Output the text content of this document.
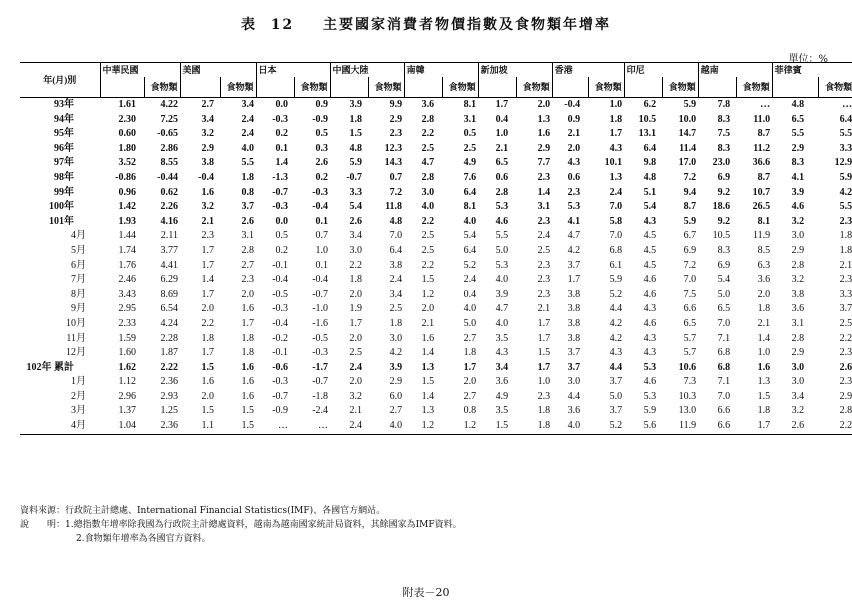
表 12 主要國家消費者物價指數及食物類年增率
單位：%
年(月)別	中華民國		美國		日本		中國大陸		南韓		新加坡		香港		印尼		越南		菲律賓	
		食物類		食物類		食物類		食物類		食物類		食物類		食物類		食物類		食物類		食物類
93年	1.61	4.22	2.7	3.4	0.0	0.9	3.9	9.9	3.6	8.1	1.7	2.0	-0.4	1.0	6.2	5.9	7.8	…	4.8	…
94年	2.30	7.25	3.4	2.4	-0.3	-0.9	1.8	2.9	2.8	3.1	0.4	1.3	0.9	1.8	10.5	10.0	8.3	11.0	6.5	6.4
95年	0.60	-0.65	3.2	2.4	0.2	0.5	1.5	2.3	2.2	0.5	1.0	1.6	2.1	1.7	13.1	14.7	7.5	8.7	5.5	5.5
96年	1.80	2.86	2.9	4.0	0.1	0.3	4.8	12.3	2.5	2.5	2.1	2.9	2.0	4.3	6.4	11.4	8.3	11.2	2.9	3.3
97年	3.52	8.55	3.8	5.5	1.4	2.6	5.9	14.3	4.7	4.9	6.5	7.7	4.3	10.1	9.8	17.0	23.0	36.6	8.3	12.9
98年	-0.86	-0.44	-0.4	1.8	-1.3	0.2	-0.7	0.7	2.8	7.6	0.6	2.3	0.6	1.3	4.8	7.2	6.9	8.7	4.1	5.9
99年	0.96	0.62	1.6	0.8	-0.7	-0.3	3.3	7.2	3.0	6.4	2.8	1.4	2.3	2.4	5.1	9.4	9.2	10.7	3.9	4.2
100年	1.42	2.26	3.2	3.7	-0.3	-0.4	5.4	11.8	4.0	8.1	5.3	3.1	5.3	7.0	5.4	8.7	18.6	26.5	4.6	5.5
101年	1.93	4.16	2.1	2.6	0.0	0.1	2.6	4.8	2.2	4.0	4.6	2.3	4.1	5.8	4.3	5.9	9.2	8.1	3.2	2.3
4月	1.44	2.11	2.3	3.1	0.5	0.7	3.4	7.0	2.5	5.4	5.5	2.4	4.7	7.0	4.5	6.7	10.5	11.9	3.0	1.8
5月	1.74	3.77	1.7	2.8	0.2	1.0	3.0	6.4	2.5	6.4	5.0	2.5	4.2	6.8	4.5	6.9	8.3	8.5	2.9	1.8
6月	1.76	4.41	1.7	2.7	-0.1	0.1	2.2	3.8	2.2	5.2	5.3	2.3	3.7	6.1	4.5	7.2	6.9	6.3	2.8	2.1
7月	2.46	6.29	1.4	2.3	-0.4	-0.4	1.8	2.4	1.5	2.4	4.0	2.3	1.7	5.9	4.6	7.0	5.4	3.6	3.2	2.3
8月	3.43	8.69	1.7	2.0	-0.5	-0.7	2.0	3.4	1.2	0.4	3.9	2.3	3.8	5.2	4.6	7.5	5.0	2.0	3.8	3.3
9月	2.95	6.54	2.0	1.6	-0.3	-1.0	1.9	2.5	2.0	4.0	4.7	2.1	3.8	4.4	4.3	6.6	6.5	1.8	3.6	3.7
10月	2.33	4.24	2.2	1.7	-0.4	-1.6	1.7	1.8	2.1	5.0	4.0	1.7	3.8	4.2	4.6	6.5	7.0	2.1	3.1	2.5
11月	1.59	2.28	1.8	1.8	-0.2	-0.5	2.0	3.0	1.6	2.7	3.5	1.7	3.8	4.2	4.3	5.7	7.1	1.4	2.8	2.2
12月	1.60	1.87	1.7	1.8	-0.1	-0.3	2.5	4.2	1.4	1.8	4.3	1.5	3.7	4.3	4.3	5.7	6.8	1.0	2.9	2.3
102年 累計	1.62	2.22	1.5	1.6	-0.6	-1.7	2.4	3.9	1.3	1.7	3.4	1.7	3.7	4.4	5.3	10.6	6.8	1.6	3.0	2.6
1月	1.12	2.36	1.6	1.6	-0.3	-0.7	2.0	2.9	1.5	2.0	3.6	1.0	3.0	3.7	4.6	7.3	7.1	1.3	3.0	2.3
2月	2.96	2.93	2.0	1.6	-0.7	-1.8	3.2	6.0	1.4	2.7	4.9	2.3	4.4	5.0	5.3	10.3	7.0	1.5	3.4	2.9
3月	1.37	1.25	1.5	1.5	-0.9	-2.4	2.1	2.7	1.3	0.8	3.5	1.8	3.6	3.7	5.9	13.0	6.6	1.8	3.2	2.8
4月	1.04	2.36	1.1	1.5	…	…	2.4	4.0	1.2	1.2	1.5	1.8	4.0	5.2	5.6	11.9	6.6	1.7	2.6	2.2
資料來源：行政院主計總處、International Financial Statistics(IMF)、各國官方網站。
說　　明：1.總指數年增率除我國為行政院主計總處資料，越南為越南國家統計局資料，其餘國家為IMF資料。
2.食物類年增率為各國官方資料。
附表－20
